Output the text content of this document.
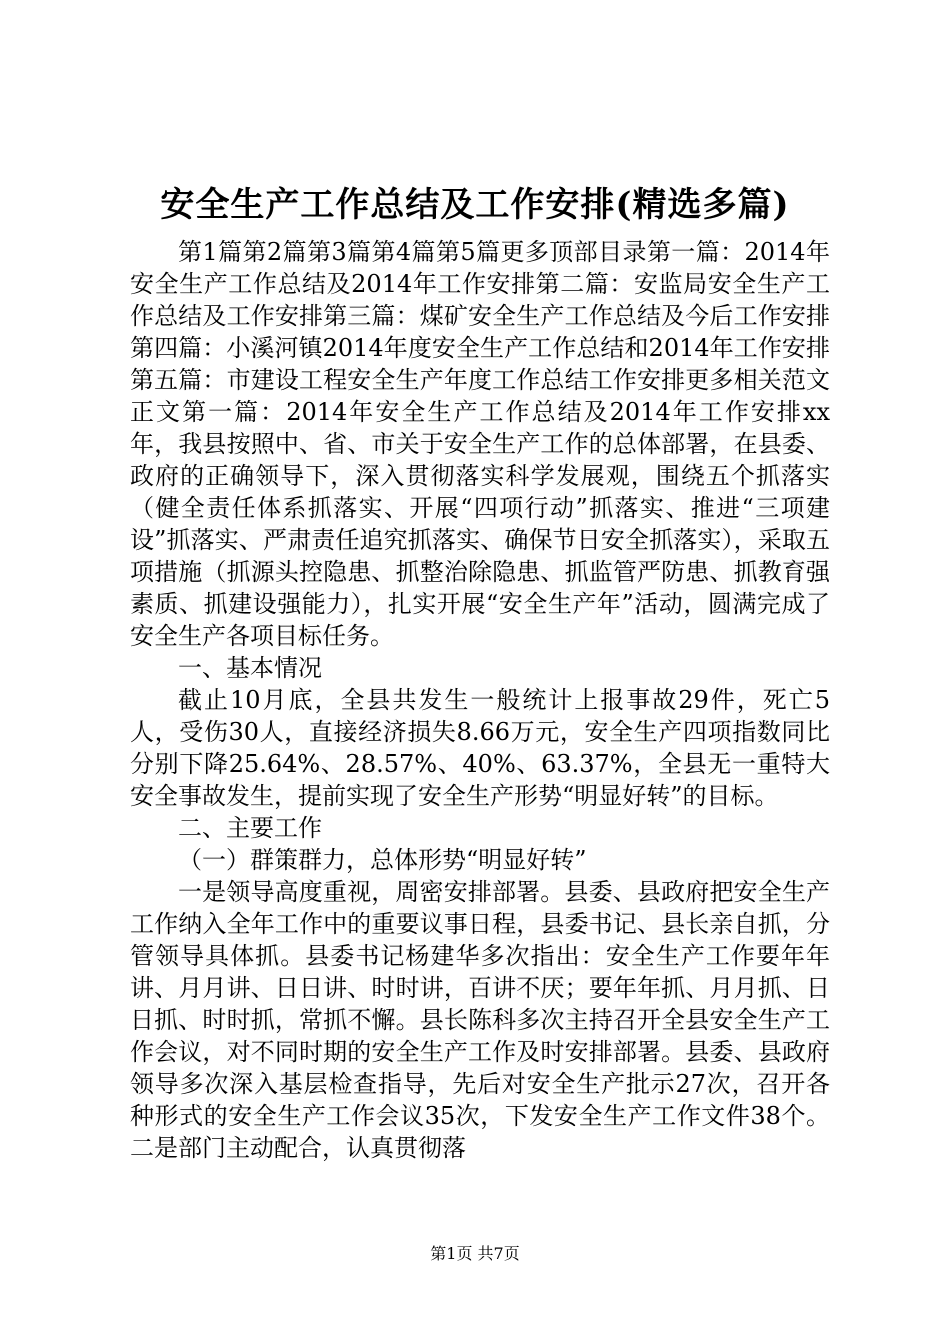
安全生产工作总结及工作安排(精选多篇)

第1篇第2篇第3篇第4篇第5篇更多顶部目录第一篇：2014年安全生产工作总结及2014年工作安排第二篇：安监局安全生产工作总结及工作安排第三篇：煤矿安全生产工作总结及今后工作安排第四篇：小溪河镇2014年度安全生产工作总结和2014年工作安排第五篇：市建设工程安全生产年度工作总结工作安排更多相关范文正文第一篇：2014年安全生产工作总结及2014年工作安排xx年，我县按照中、省、市关于安全生产工作的总体部署，在县委、政府的正确领导下，深入贯彻落实科学发展观，围绕五个抓落实（健全责任体系抓落实、开展“四项行动”抓落实、推进“三项建设”抓落实、严肃责任追究抓落实、确保节日安全抓落实），采取五项措施（抓源头控隐患、抓整治除隐患、抓监管严防患、抓教育强素质、抓建设强能力），扎实开展“安全生产年”活动，圆满完成了安全生产各项目标任务。

一、基本情况

截止10月底，全县共发生一般统计上报事故29件，死亡5人，受伤30人，直接经济损失8.66万元，安全生产四项指数同比分别下降25.64%、28.57%、40%、63.37%，全县无一重特大安全事故发生，提前实现了安全生产形势“明显好转”的目标。

二、主要工作

（一）群策群力，总体形势“明显好转”

一是领导高度重视，周密安排部署。县委、县政府把安全生产工作纳入全年工作中的重要议事日程，县委书记、县长亲自抓，分管领导具体抓。县委书记杨建华多次指出：安全生产工作要年年讲、月月讲、日日讲、时时讲，百讲不厌；要年年抓、月月抓、日日抓、时时抓，常抓不懈。县长陈科多次主持召开全县安全生产工作会议，对不同时期的安全生产工作及时安排部署。县委、县政府领导多次深入基层检查指导，先后对安全生产批示27次，召开各种形式的安全生产工作会议35次，下发安全生产工作文件38个。二是部门主动配合，认真贯彻落

第1页 共7页
